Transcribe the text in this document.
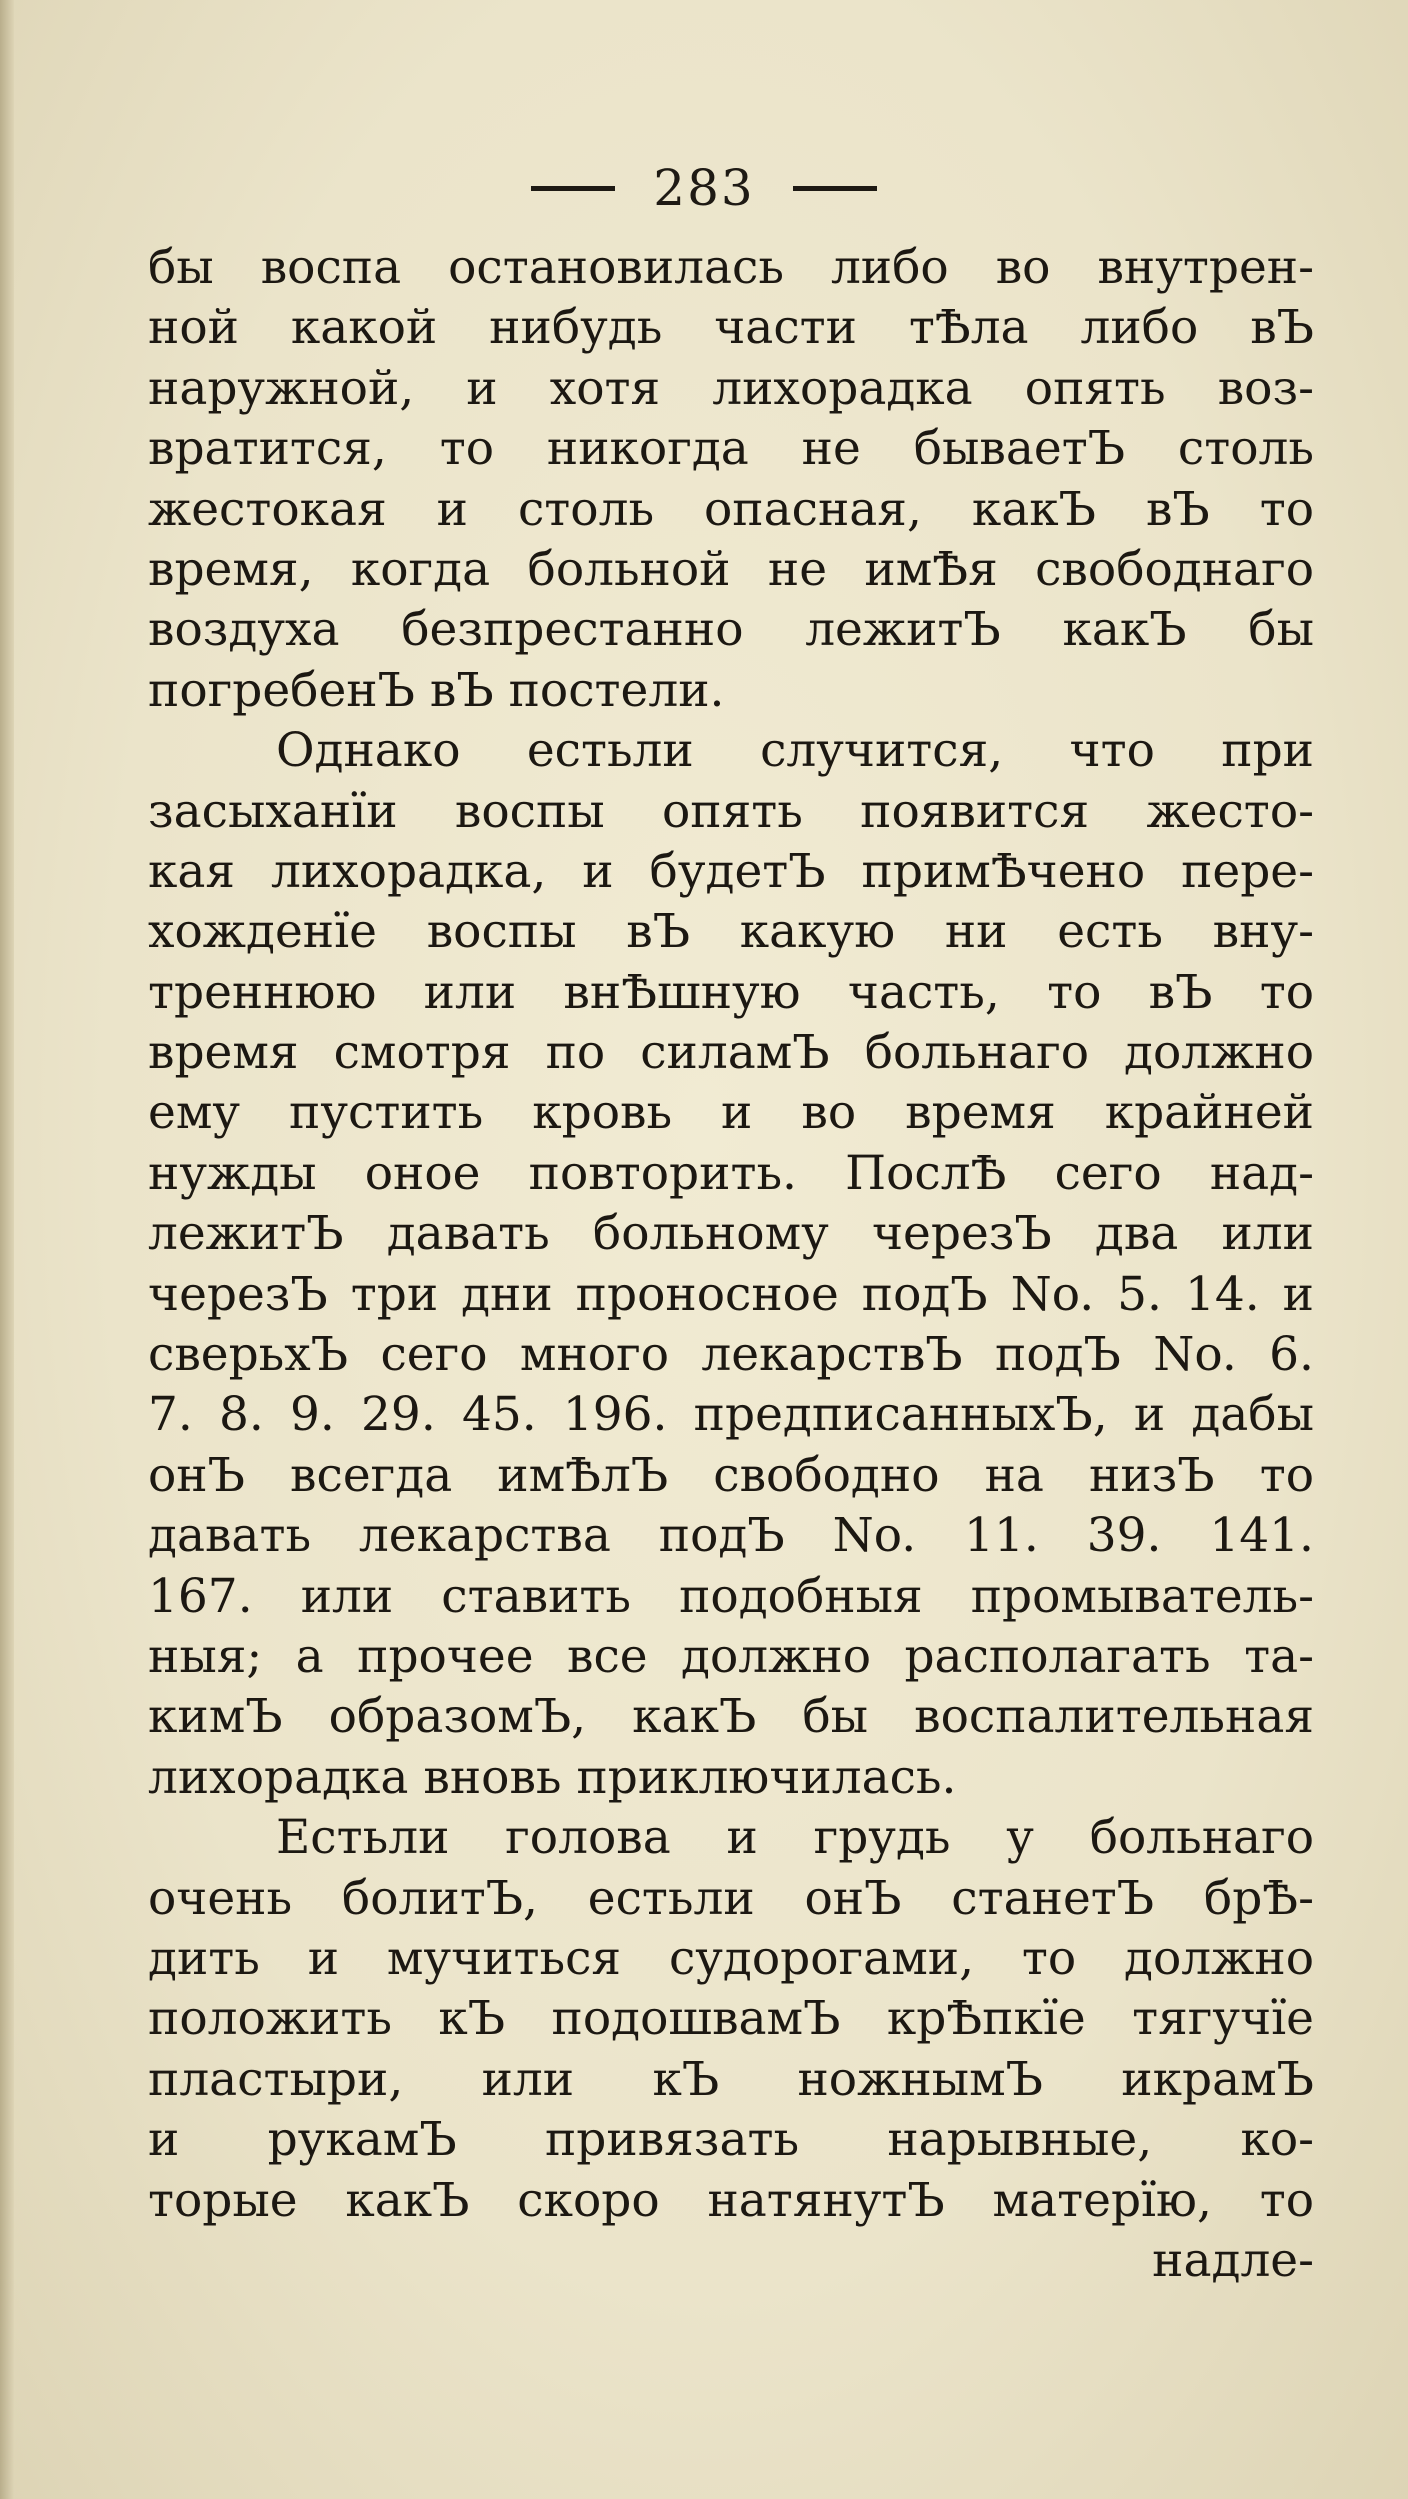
283
бы воспа остановилась либо во внутрен-
ной какой нибудь части тѢла либо вЪ
наружной, и хотя лихорадка опять воз-
вратится, то никогда не бываетЪ столь
жестокая и столь опасная, какЪ вЪ то
время, когда больной не имѢя свободнаго
воздуха безпрестанно лежитЪ какЪ бы
погребенЪ вЪ постели.
Однако естьли случится, что при
засыханїи воспы опять появится жесто-
кая лихорадка, и будетЪ примѢчено пере-
хожденїе воспы вЪ какую ни есть вну-
треннюю или внѢшную часть, то вЪ то
время смотря по силамЪ больнаго должно
ему пустить кровь и во время крайней
нужды оное повторить. ПослѢ сего над-
лежитЪ давать больному черезЪ два или
черезЪ три дни проносное подЪ No. 5. 14. и
сверьхЪ сего много лекарствЪ подЪ No. 6.
7. 8. 9. 29. 45. 196. предписанныхЪ, и дабы
онЪ всегда имѢлЪ свободно на низЪ то
давать лекарства подЪ No. 11. 39. 141.
167. или ставить подобныя промыватель-
ныя; а прочее все должно располагать та-
кимЪ образомЪ, какЪ бы воспалительная
лихорадка вновь приключилась.
Естьли голова и грудь у больнаго
очень болитЪ, естьли онЪ станетЪ брѢ-
дить и мучиться судорогами, то должно
положить кЪ подошвамЪ крѢпкїе тягучїе
пластыри, или кЪ ножнымЪ икрамЪ
и рукамЪ привязать нарывные, ко-
торые какЪ скоро натянутЪ матерїю, то
надле-
